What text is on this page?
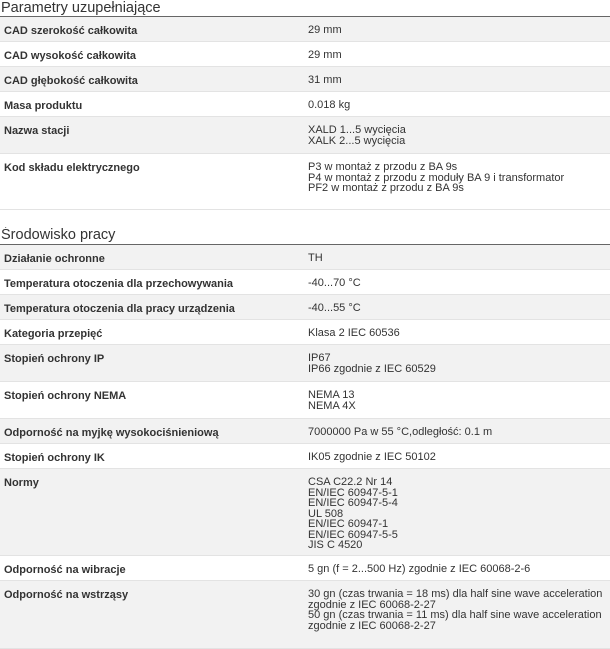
Parametry uzupełniające
CAD szerokość całkowita	29 mm
CAD wysokość całkowita	29 mm
CAD głębokość całkowita	31 mm
Masa produktu	0.018 kg
Nazwa stacji	XALD 1...5 wycięcia
XALK 2...5 wycięcia
Kod składu elektrycznego	P3 w montaż z przodu z BA 9s
P4 w montaż z przodu z moduły BA 9 i transformator
PF2 w montaż z przodu z BA 9s
Środowisko pracy
Działanie ochronne	TH
Temperatura otoczenia dla przechowywania	-40...70 °C
Temperatura otoczenia dla pracy urządzenia	-40...55 °C
Kategoria przepięć	Klasa 2 IEC 60536
Stopień ochrony IP	IP67
IP66 zgodnie z IEC 60529
Stopień ochrony NEMA	NEMA 13
NEMA 4X
Odporność na myjkę wysokociśnieniową	7000000 Pa w 55 °C,odległość: 0.1 m
Stopień ochrony IK	IK05 zgodnie z IEC 50102
Normy	CSA C22.2 Nr 14
EN/IEC 60947-5-1
EN/IEC 60947-5-4
UL 508
EN/IEC 60947-1
EN/IEC 60947-5-5
JIS C 4520
Odporność na wibracje	5 gn (f = 2...500 Hz) zgodnie z IEC 60068-2-6
Odporność na wstrząsy	30 gn (czas trwania = 18 ms) dla half sine wave acceleration
zgodnie z IEC 60068-2-27
50 gn (czas trwania = 11 ms) dla half sine wave acceleration
zgodnie z IEC 60068-2-27
